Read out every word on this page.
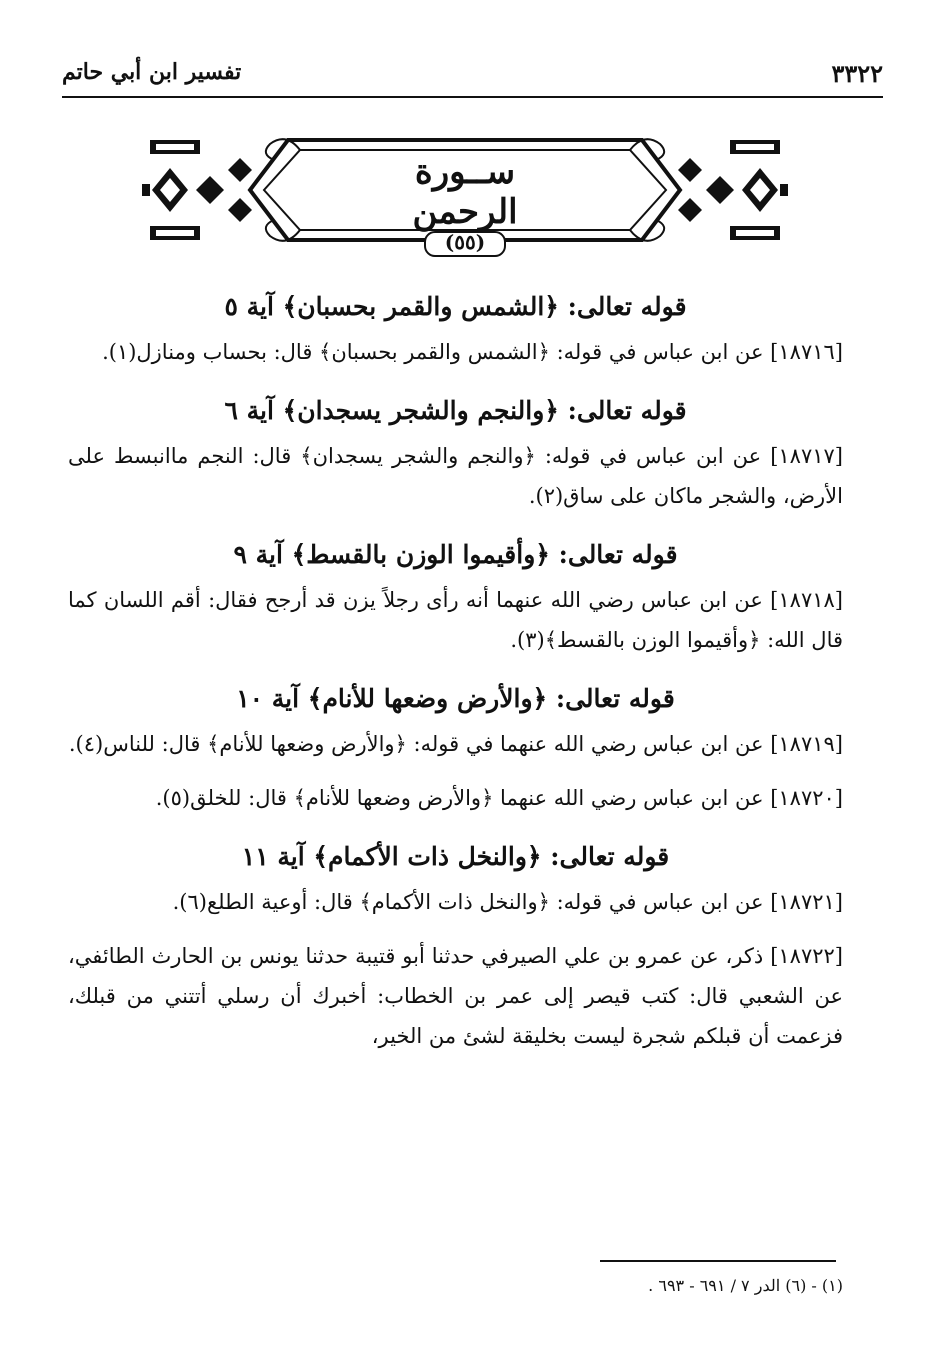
٣٣٢٢
تفسير ابن أبي حاتم
ســورة الرحمن
(٥٥)
قوله تعالى: ﴿الشمس والقمر بحسبان﴾ آية ٥

[١٨٧١٦] عن ابن عباس في قوله: ﴿الشمس والقمر بحسبان﴾ قال: بحساب ومنازل(١).

قوله تعالى: ﴿والنجم والشجر يسجدان﴾ آية ٦

[١٨٧١٧] عن ابن عباس في قوله: ﴿والنجم والشجر يسجدان﴾ قال: النجم ماانبسط على الأرض، والشجر ماكان على ساق(٢).

قوله تعالى: ﴿وأقيموا الوزن بالقسط﴾ آية ٩

[١٨٧١٨] عن ابن عباس رضي الله عنهما أنه رأى رجلاً يزن قد أرجح فقال: أقم اللسان كما قال الله: ﴿وأقيموا الوزن بالقسط﴾(٣).

قوله تعالى: ﴿والأرض وضعها للأنام﴾ آية ١٠

[١٨٧١٩] عن ابن عباس رضي الله عنهما في قوله: ﴿والأرض وضعها للأنام﴾ قال: للناس(٤).

[١٨٧٢٠] عن ابن عباس رضي الله عنهما ﴿والأرض وضعها للأنام﴾ قال: للخلق(٥).

قوله تعالى: ﴿والنخل ذات الأكمام﴾ آية ١١

[١٨٧٢١] عن ابن عباس في قوله: ﴿والنخل ذات الأكمام﴾ قال: أوعية الطلع(٦).

[١٨٧٢٢] ذكر، عن عمرو بن علي الصيرفي حدثنا أبو قتيبة حدثنا يونس بن الحارث الطائفي، عن الشعبي قال: كتب قيصر إلى عمر بن الخطاب: أخبرك أن رسلي أتتني من قبلك، فزعمت أن قبلكم شجرة ليست بخليقة لشئ من الخير،

(١) - (٦) الدر ٧ / ٦٩١ - ٦٩٣ .
